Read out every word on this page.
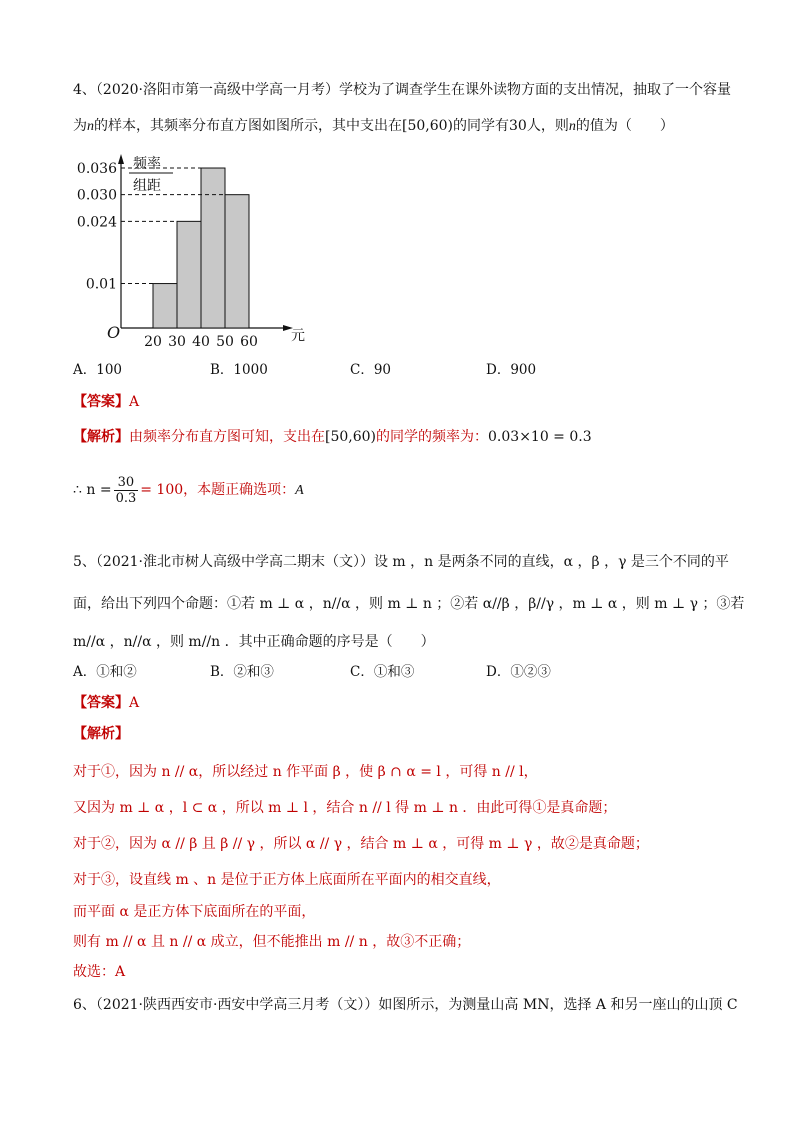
4、（2020·洛阳市第一高级中学高一月考）学校为了调查学生在课外读物方面的支出情况，抽取了一个容量
为n的样本，其频率分布直方图如图所示，其中支出在[50,60)的同学有30人，则n的值为（　　）
频率
组距
0.036
0.030
0.024
0.01
20 30 40 50 60
O	元
A．100	B．1000	C．90	D．900
【答案】A
【解析】由频率分布直方图可知，支出在[50,60)的同学的频率为：0.03×10 = 0.3
∴ $n = \frac{30}{0.3} = 100$，本题正确选项：A
5、（2021·淮北市树人高级中学高二期末（文））设 m ，n 是两条不同的直线，α ，β ，γ 是三个不同的平
面，给出下列四个命题：①若 m ⊥ α ，n//α ，则 m ⊥ n ；②若 α//β ，β//γ ，m ⊥ α ，则 m ⊥ γ ；③若
m//α ，n//α ，则 m//n ．其中正确命题的序号是（　　）
A．①和②	B．②和③	C．①和③	D．①②③
【答案】A
【解析】
对于①，因为 n // α，所以经过 n 作平面 β ，使 β ∩ α = l ，可得 n // l，
又因为 m ⊥ α ，l ⊂ α ，所以 m ⊥ l ，结合 n // l 得 m ⊥ n ．由此可得①是真命题；
对于②，因为 α // β 且 β // γ ，所以 α // γ ，结合 m ⊥ α ，可得 m ⊥ γ ，故②是真命题；
对于③，设直线 m 、n 是位于正方体上底面所在平面内的相交直线，
而平面 α 是正方体下底面所在的平面，
则有 m // α 且 n // α 成立，但不能推出 m // n ，故③不正确；
故选：A
6、（2021·陕西西安市·西安中学高三月考（文））如图所示，为测量山高 MN，选择 A 和另一座山的山顶 C
